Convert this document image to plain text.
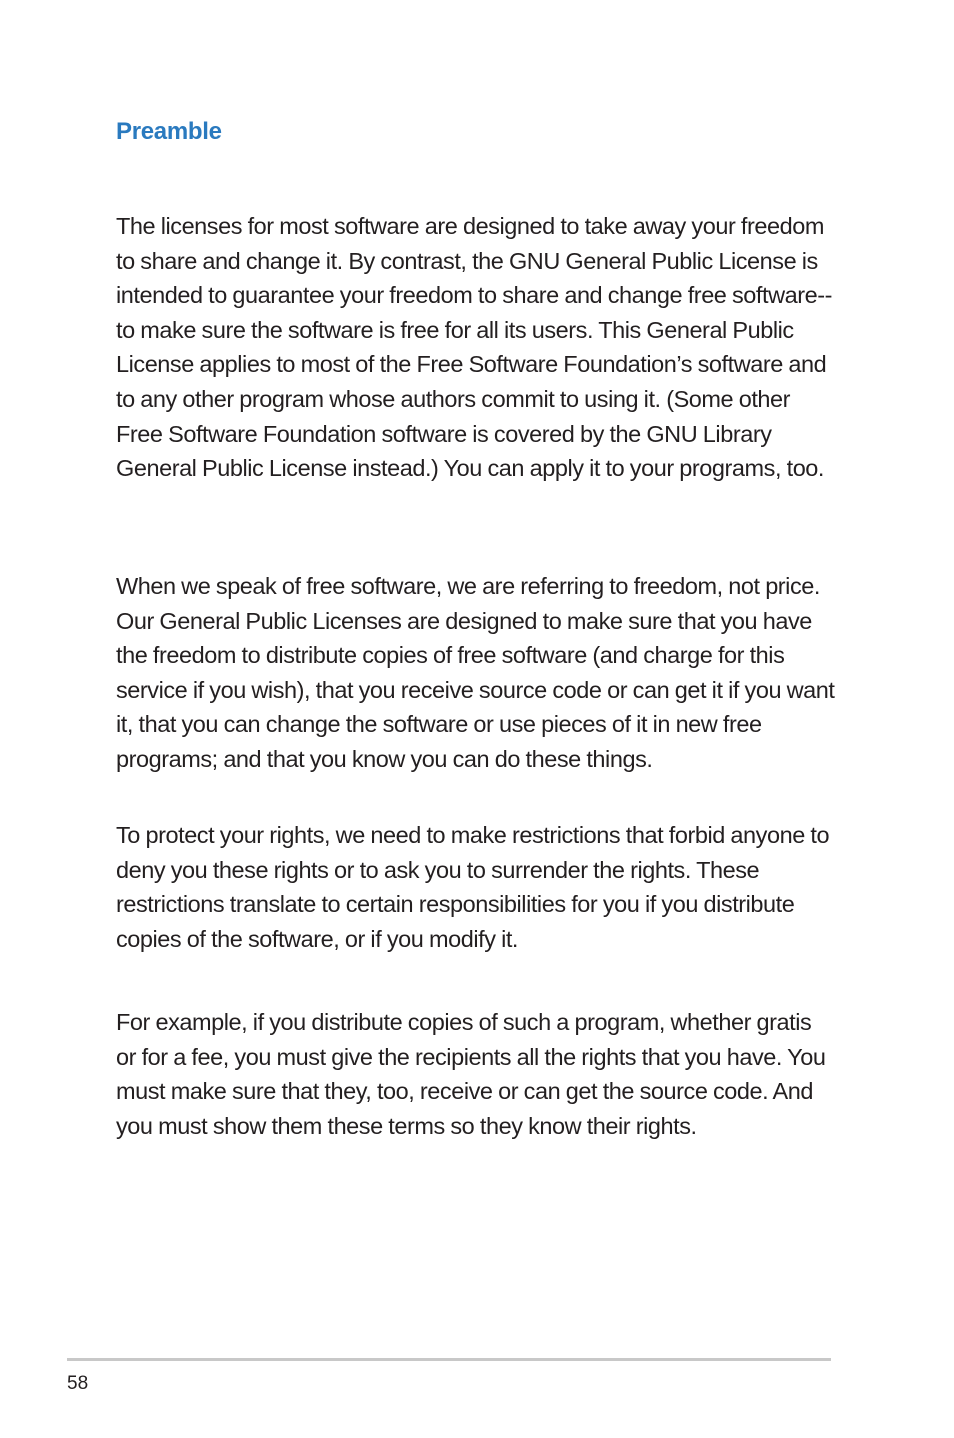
Preamble

The licenses for most software are designed to take away your freedom to share and change it. By contrast, the GNU General Public License is intended to guarantee your freedom to share and change free software--to make sure the software is free for all its users. This General Public License applies to most of the Free Software Foundation’s software and to any other program whose authors commit to using it. (Some other Free Software Foundation software is covered by the GNU Library General Public License instead.) You can apply it to your programs, too.

When we speak of free software, we are referring to freedom, not price. Our General Public Licenses are designed to make sure that you have the freedom to distribute copies of free software (and charge for this service if you wish), that you receive source code or can get it if you want it, that you can change the software or use pieces of it in new free programs; and that you know you can do these things.

To protect your rights, we need to make restrictions that forbid anyone to deny you these rights or to ask you to surrender the rights. These restrictions translate to certain responsibilities for you if you distribute copies of the software, or if you modify it.

For example, if you distribute copies of such a program, whether gratis or for a fee, you must give the recipients all the rights that you have. You must make sure that they, too, receive or can get the source code. And you must show them these terms so they know their rights.

58
